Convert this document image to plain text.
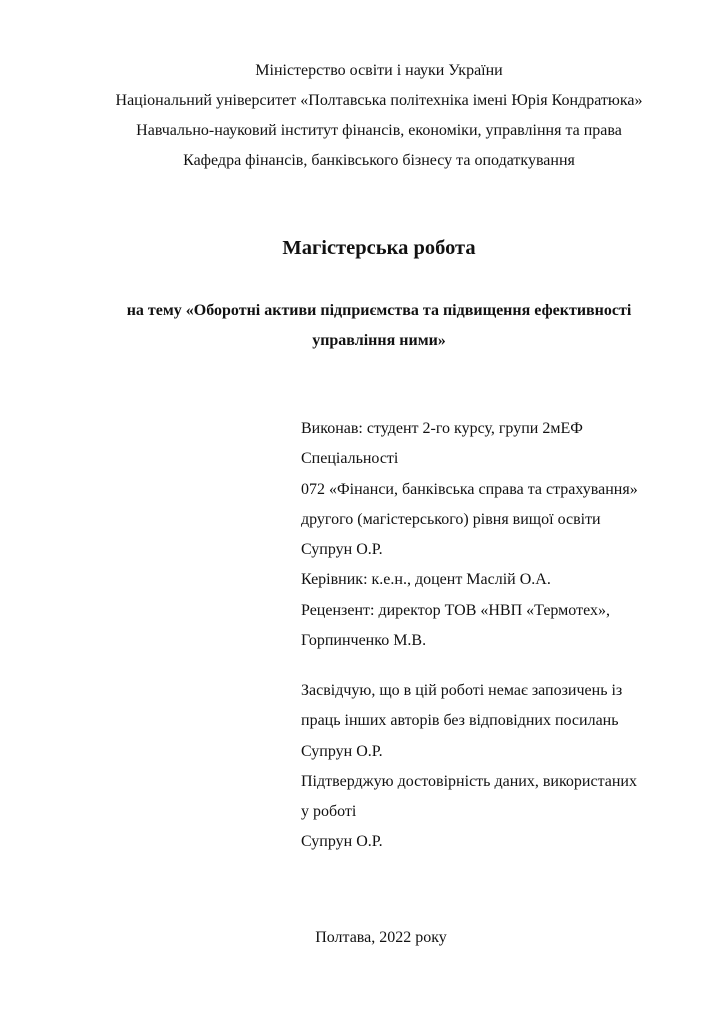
Міністерство освіти і науки України
Національний університет «Полтавська політехніка імені Юрія Кондратюка»
Навчально-науковий інститут фінансів, економіки, управління та права
Кафедра фінансів, банківського бізнесу та оподаткування
Магістерська робота
на тему «Оборотні активи підприємства та підвищення ефективності
управління ними»
Виконав: студент 2-го курсу, групи 2мЕФ
Спеціальності
072 «Фінанси, банківська справа та страхування»
другого (магістерського) рівня вищої освіти
Супрун О.Р.
Керівник: к.е.н., доцент Маслій О.А.
Рецензент: директор ТОВ «НВП «Термотех»,
Горпинченко М.В.
Засвідчую, що в цій роботі немає запозичень із
праць інших авторів без відповідних посилань
Супрун О.Р.
Підтверджую достовірність даних, використаних
у роботі
Супрун О.Р.
Полтава, 2022 року
